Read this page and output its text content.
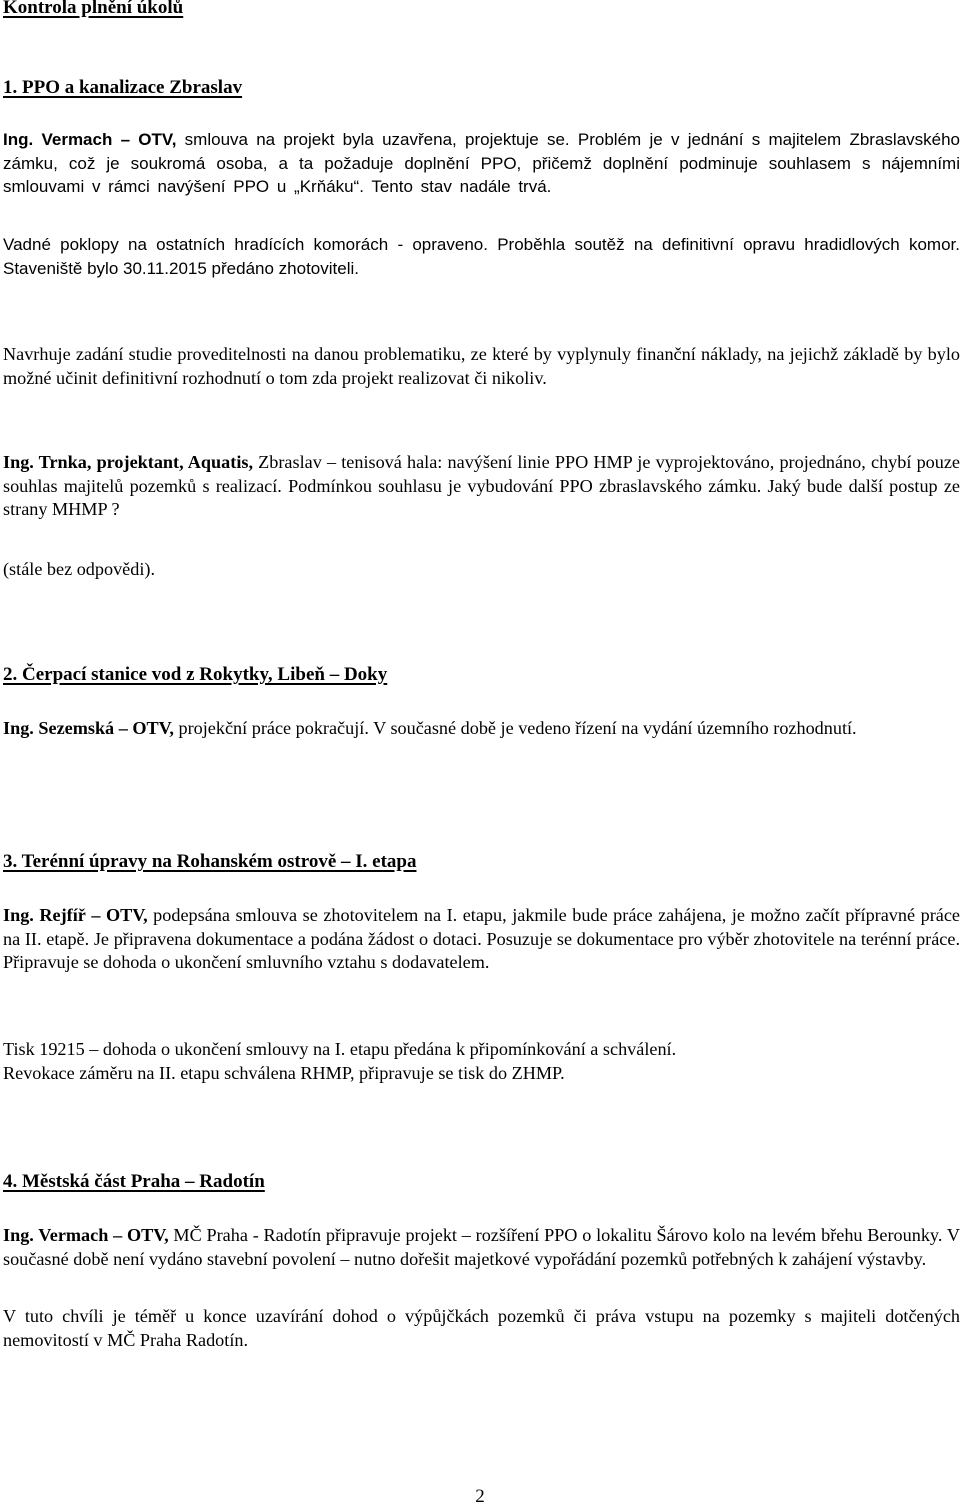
Kontrola plnění úkolů
1. PPO a kanalizace Zbraslav

Ing. Vermach – OTV, smlouva na projekt byla uzavřena, projektuje se. Problém je v jednání s majitelem Zbraslavského zámku, což je soukromá osoba, a ta požaduje doplnění PPO, přičemž doplnění podminuje souhlasem s nájemními smlouvami v rámci navýšení PPO u „Krňáku“. Tento stav nadále trvá.

Vadné poklopy na ostatních hradících komorách - opraveno. Proběhla soutěž na definitivní opravu hradidlových komor. Staveniště bylo 30.11.2015 předáno zhotoviteli.

Navrhuje zadání studie proveditelnosti na danou problematiku, ze které by vyplynuly finanční náklady, na jejichž základě by bylo možné učinit definitivní rozhodnutí o tom zda projekt realizovat či nikoliv.

Ing. Trnka, projektant, Aquatis, Zbraslav – tenisová hala: navýšení linie PPO HMP je vyprojektováno, projednáno, chybí pouze souhlas majitelů pozemků s realizací. Podmínkou souhlasu je vybudování PPO zbraslavského zámku. Jaký bude další postup ze strany MHMP ?

(stále bez odpovědi).

2. Čerpací stanice vod z Rokytky, Libeň – Doky

Ing. Sezemská – OTV, projekční práce pokračují. V současné době je vedeno řízení na vydání územního rozhodnutí.

3. Terénní úpravy na Rohanském ostrově – I. etapa

Ing. Rejfíř – OTV, podepsána smlouva se zhotovitelem na I. etapu, jakmile bude práce zahájena, je možno začít přípravné práce na II. etapě. Je připravena dokumentace a podána žádost o dotaci. Posuzuje se dokumentace pro výběr zhotovitele na terénní práce. Připravuje se dohoda o ukončení smluvního vztahu s dodavatelem.

Tisk 19215 – dohoda o ukončení smlouvy na I. etapu předána k připomínkování a schválení.
Revokace záměru na II. etapu schválena RHMP, připravuje se tisk do ZHMP.

4. Městská část Praha – Radotín

Ing. Vermach – OTV, MČ Praha - Radotín připravuje projekt – rozšíření PPO o lokalitu Šárovo kolo na levém břehu Berounky. V současné době není vydáno stavební povolení – nutno dořešit majetkové vypořádání pozemků potřebných k zahájení výstavby.

V tuto chvíli je téměř u konce uzavírání dohod o výpůjčkách pozemků či práva vstupu na pozemky s majiteli dotčených nemovitostí v MČ Praha Radotín.

2
